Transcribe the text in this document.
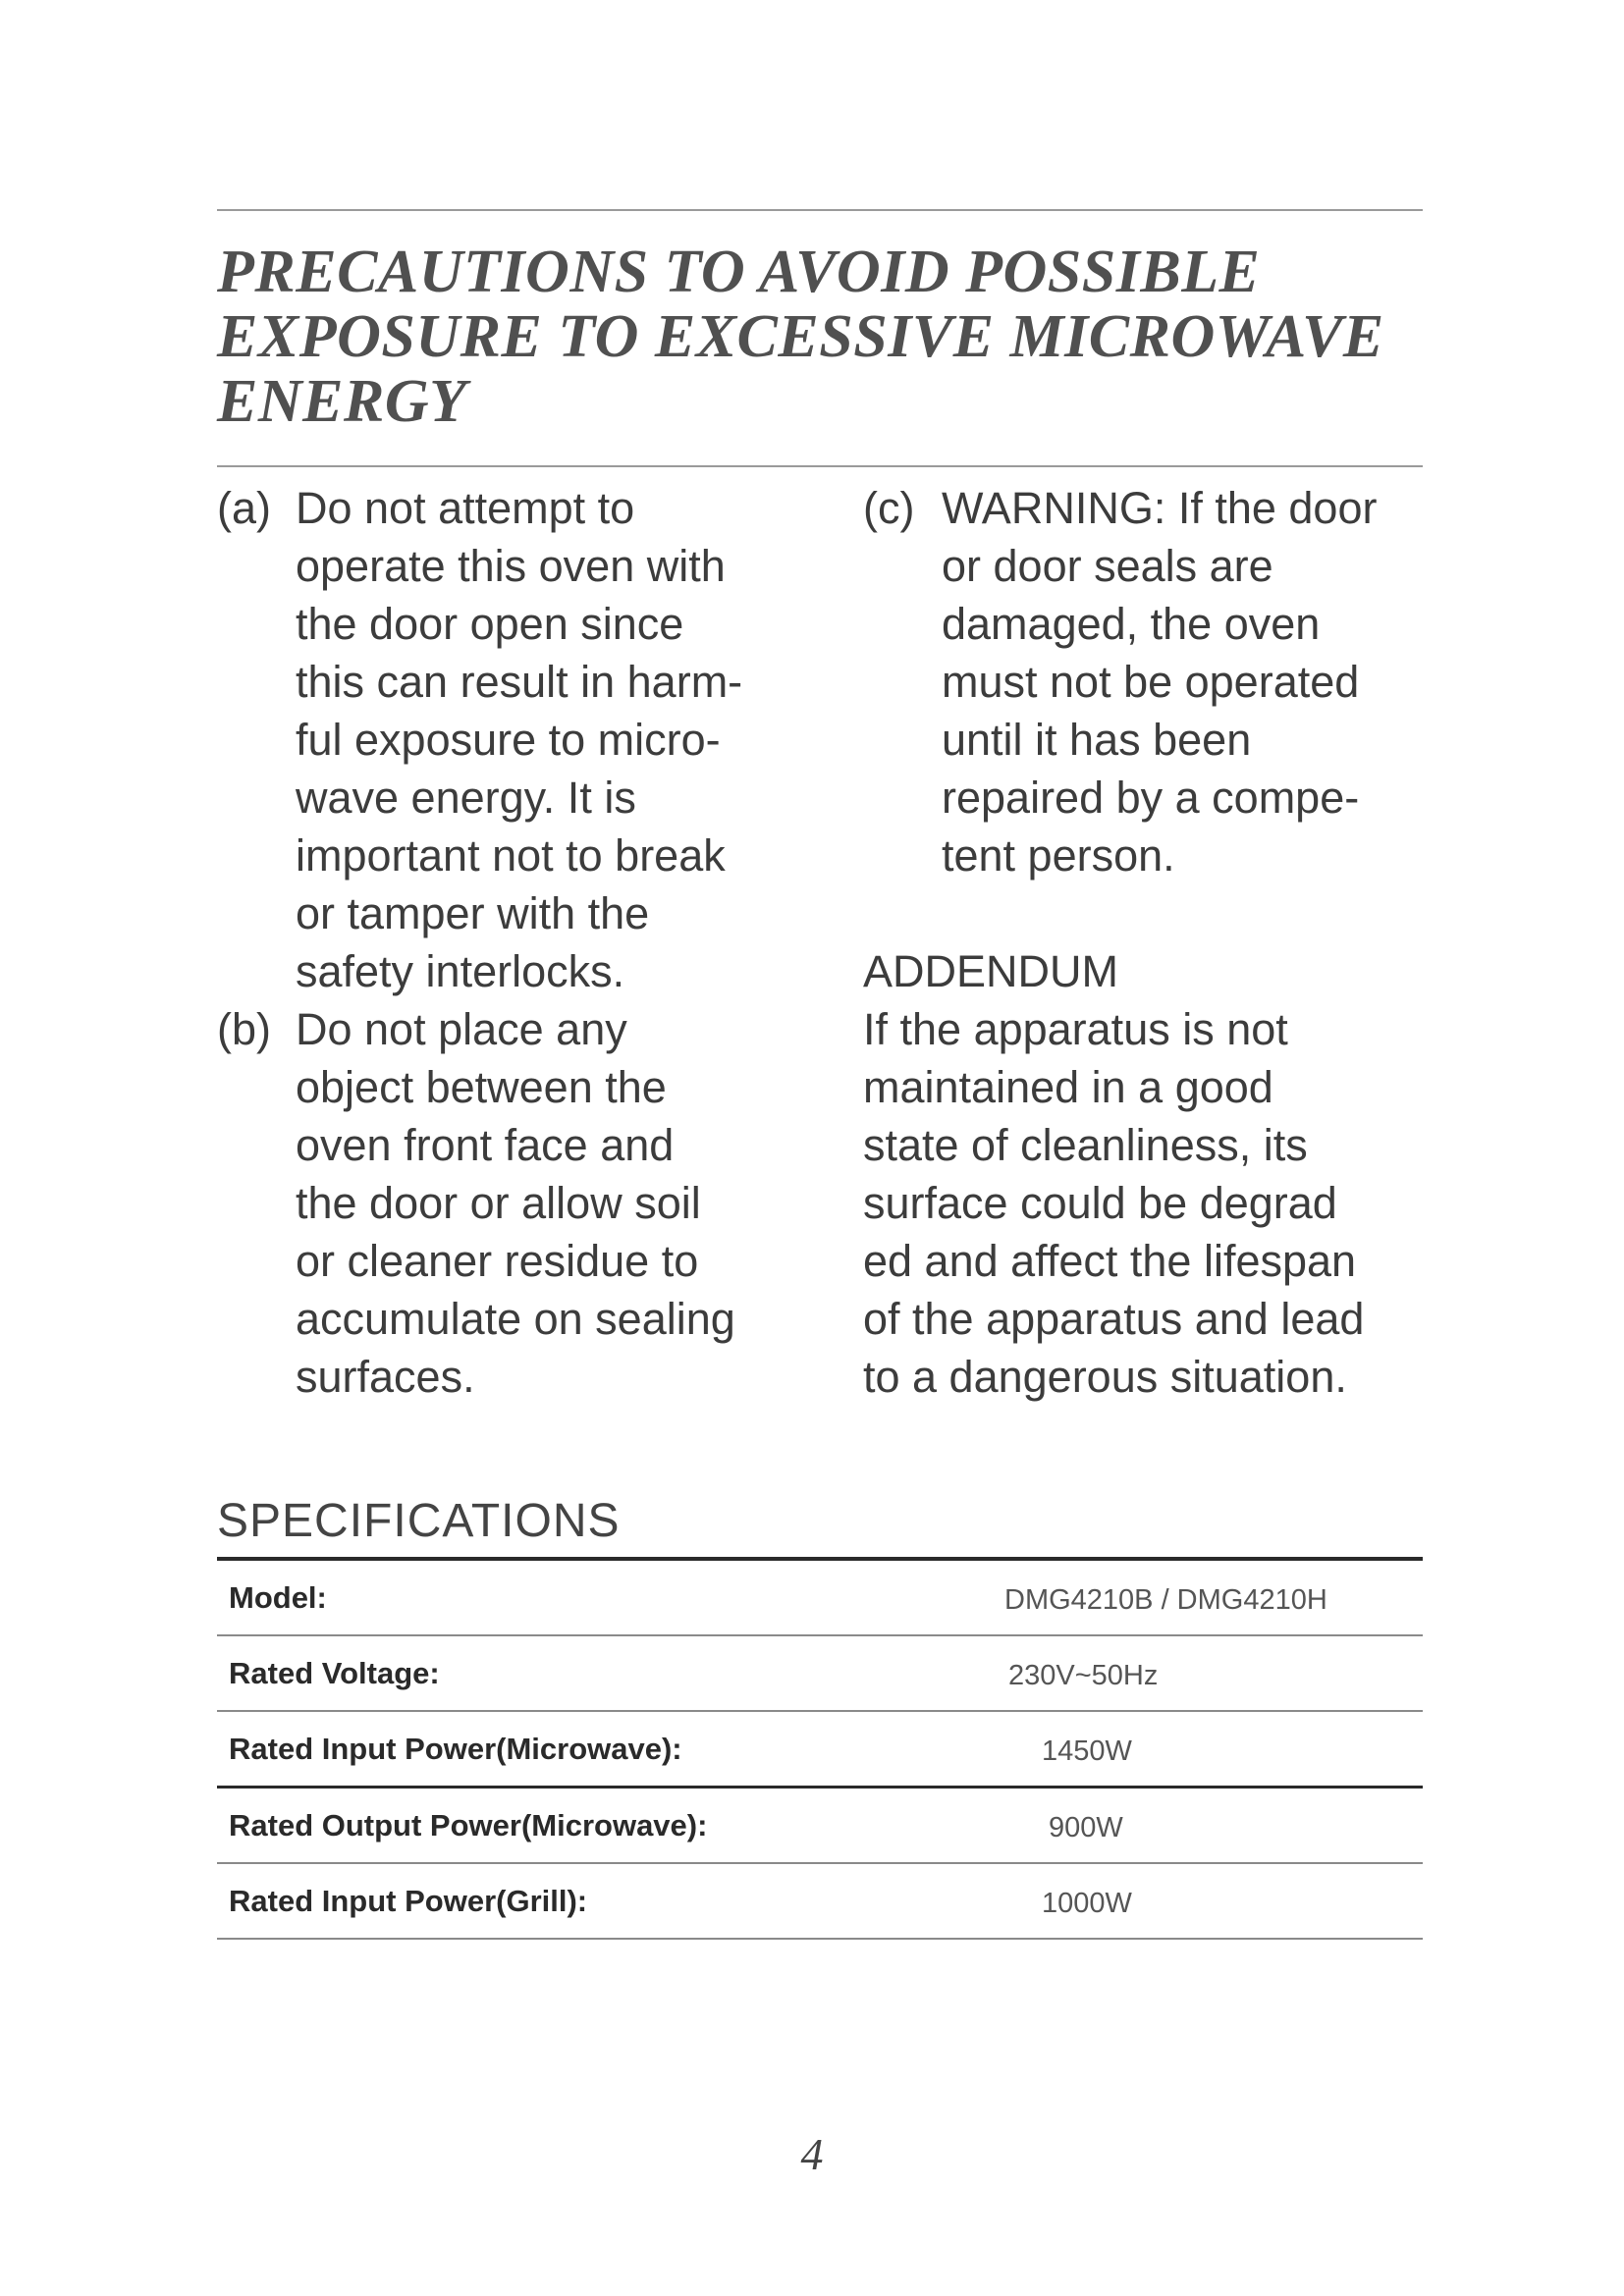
PRECAUTIONS TO AVOID POSSIBLE
EXPOSURE TO EXCESSIVE MICROWAVE
ENERGY
(a) Do not attempt to
operate this oven with
the door open since
this can result in harm-
ful exposure to micro-
wave energy. It is
important not to break
or tamper with the
safety interlocks.
(b) Do not place any
object between the
oven front face and
the door or allow soil
or cleaner residue to
accumulate on sealing
surfaces.
(c) WARNING: If the door
or door seals are
damaged, the oven
must not be operated
until it has been
repaired by a compe-
tent person.
ADDENDUM
If the apparatus is not
maintained in a good
state of cleanliness, its
surface could be degrad
ed and affect the lifespan
of the apparatus and lead
to a dangerous situation.
SPECIFICATIONS
Model:	DMG4210B / DMG4210H
Rated Voltage:	230V~50Hz
Rated Input Power(Microwave):	1450W
Rated Output Power(Microwave):	900W
Rated Input Power(Grill):	1000W
4
